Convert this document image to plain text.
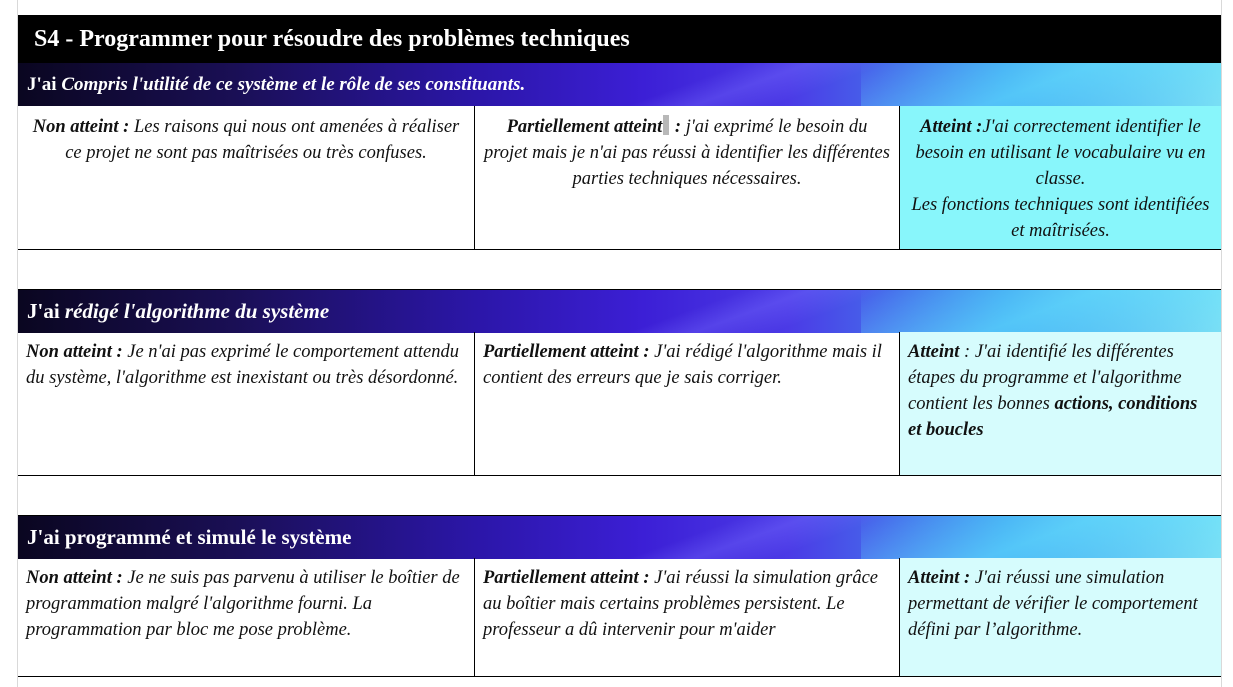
S4 - Programmer pour résoudre des problèmes techniques
J'ai Compris l'utilité de ce système et le rôle de ses constituants.
Non atteint : Les raisons qui nous ont amenées à réaliser ce projet ne sont pas maîtrisées ou très confuses.
Partiellement atteint : j'ai exprimé le besoin du projet mais je n'ai pas réussi à identifier les différentes parties techniques nécessaires.
Atteint :J'ai correctement identifier le besoin en utilisant le vocabulaire vu en classe.
Les fonctions techniques sont identifiées et maîtrisées.
J'ai rédigé l'algorithme du système
Non atteint : Je n'ai pas exprimé le comportement attendu du système, l'algorithme est inexistant ou très désordonné.
Partiellement atteint : J'ai rédigé l'algorithme mais il contient des erreurs que je sais corriger.
Atteint : J'ai identifié les différentes étapes du programme et l'algorithme contient les bonnes actions, conditions et boucles
J'ai programmé et simulé le système
Non atteint : Je ne suis pas parvenu à utiliser le boîtier de programmation malgré l'algorithme fourni. La programmation par bloc me pose problème.
Partiellement atteint : J'ai réussi la simulation grâce au boîtier mais certains problèmes persistent. Le professeur a dû intervenir pour m'aider
Atteint : J'ai réussi une simulation permettant de vérifier le comportement défini par l’algorithme.
